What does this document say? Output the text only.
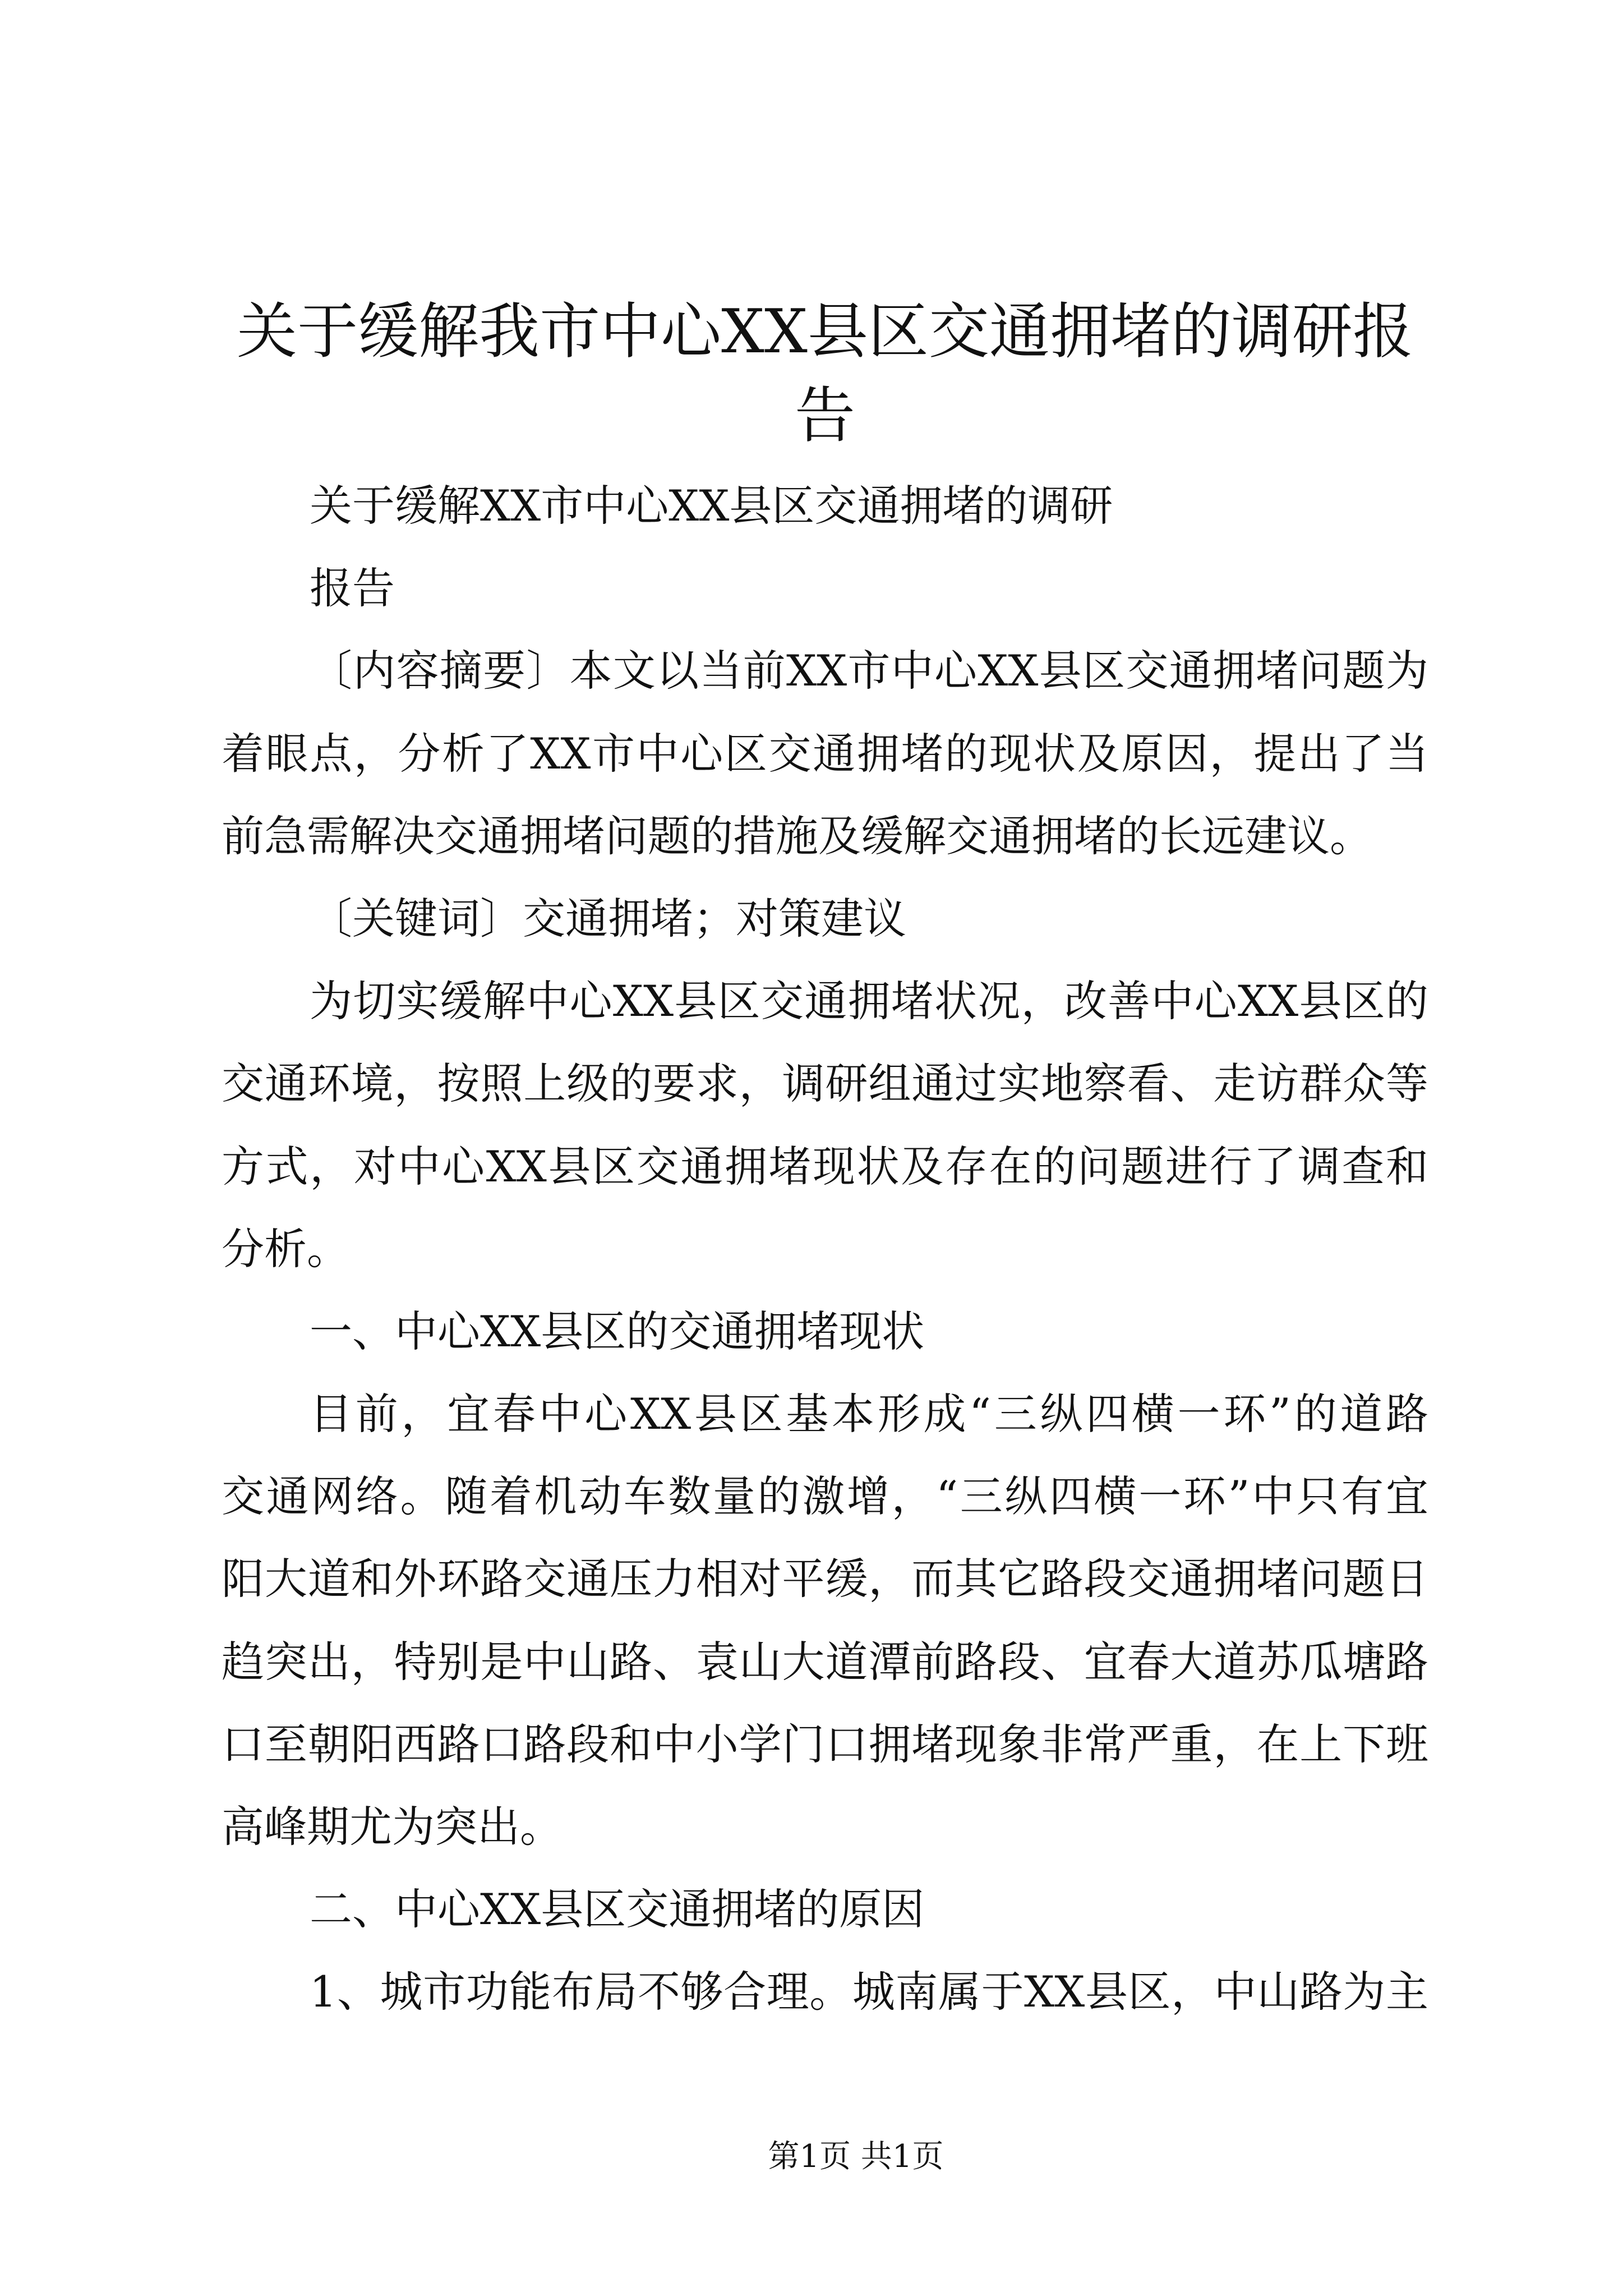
关于缓解我市中心XX县区交通拥堵的调研报
告
关于缓解XX市中心XX县区交通拥堵的调研
报告
〔内容摘要〕本文以当前XX市中心XX县区交通拥堵问题为
着眼点，分析了XX市中心区交通拥堵的现状及原因，提出了当
前急需解决交通拥堵问题的措施及缓解交通拥堵的长远建议。
〔关键词〕交通拥堵；对策建议
为切实缓解中心XX县区交通拥堵状况，改善中心XX县区的
交通环境，按照上级的要求，调研组通过实地察看、走访群众等
方式，对中心XX县区交通拥堵现状及存在的问题进行了调查和
分析。
一、中心XX县区的交通拥堵现状
目前，宜春中心XX县区基本形成“三纵四横一环”的道路
交通网络。随着机动车数量的激增，“三纵四横一环”中只有宜
阳大道和外环路交通压力相对平缓，而其它路段交通拥堵问题日
趋突出，特别是中山路、袁山大道潭前路段、宜春大道苏瓜塘路
口至朝阳西路口路段和中小学门口拥堵现象非常严重，在上下班
高峰期尤为突出。
二、中心XX县区交通拥堵的原因
1、城市功能布局不够合理。城南属于XX县区，中山路为主
第1页 共1页
